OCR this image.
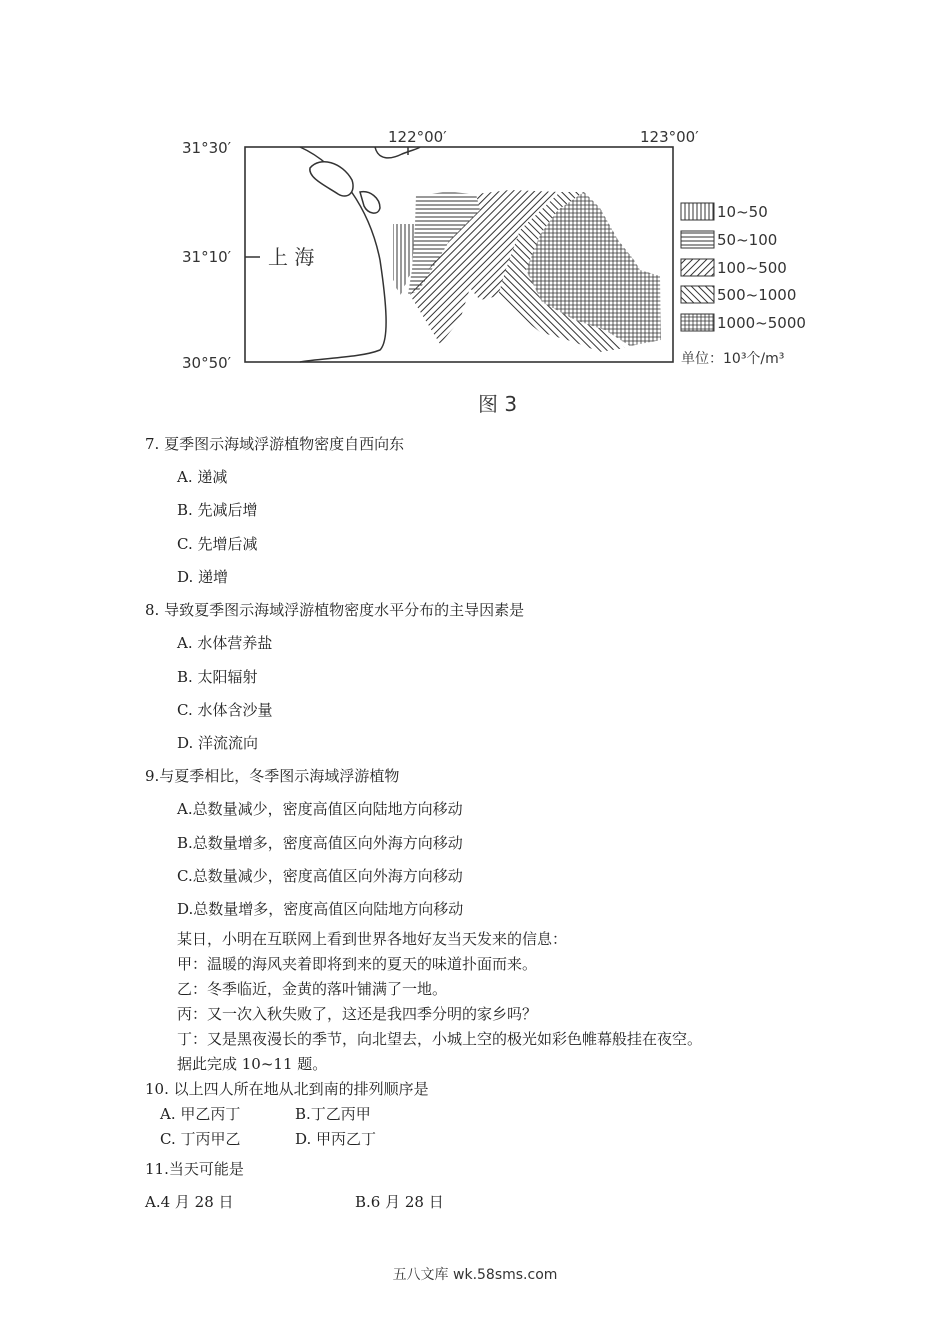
122°00′	123°00′
31°30′
31°10′
30°50′
上 海
10~50
50~100
100~500
500~1000
1000~5000
单位：10³个/m³
图 3
7. 夏季图示海域浮游植物密度自西向东
A. 递减
B. 先减后增
C. 先增后减
D. 递增
8. 导致夏季图示海域浮游植物密度水平分布的主导因素是
A. 水体营养盐
B. 太阳辐射
C. 水体含沙量
D. 洋流流向
9.与夏季相比，冬季图示海域浮游植物
A.总数量减少，密度高值区向陆地方向移动
B.总数量增多，密度高值区向外海方向移动
C.总数量减少，密度高值区向外海方向移动
D.总数量增多，密度高值区向陆地方向移动
某日，小明在互联网上看到世界各地好友当天发来的信息：
甲：温暖的海风夹着即将到来的夏天的味道扑面而来。
乙：冬季临近，金黄的落叶铺满了一地。
丙：又一次入秋失败了，这还是我四季分明的家乡吗？
丁：又是黑夜漫长的季节，向北望去，小城上空的极光如彩色帷幕般挂在夜空。
据此完成 10~11 题。
10. 以上四人所在地从北到南的排列顺序是
A. 甲乙丙丁	B.丁乙丙甲
C. 丁丙甲乙	D. 甲丙乙丁
11.当天可能是
A.4 月 28 日	B.6 月 28 日
五八文库 wk.58sms.com
